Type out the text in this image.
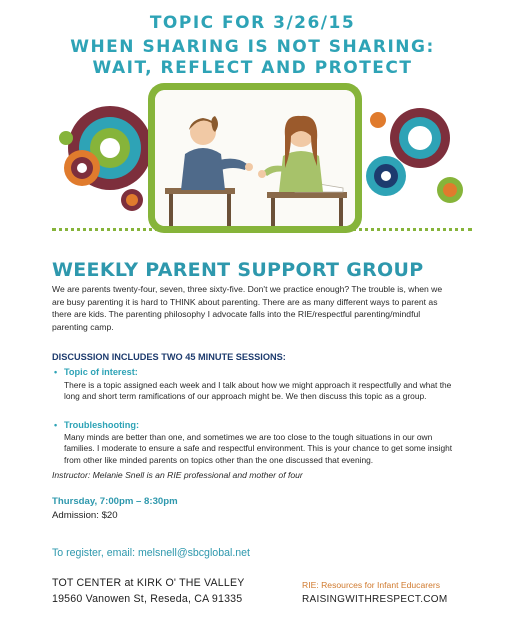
TOPIC FOR 3/26/15
WHEN SHARING IS NOT SHARING:
WAIT, REFLECT AND PROTECT
WEEKLY PARENT SUPPORT GROUP
We are parents twenty-four, seven, three sixty-five. Don't we practice enough? The trouble is, when we are busy parenting it is hard to THINK about parenting. There are as many different ways to parent as there are kids. The parenting philosophy I advocate falls into the RIE/respectful parenting/mindful parenting camp.
DISCUSSION INCLUDES TWO 45 MINUTE SESSIONS:
• Topic of interest:
There is a topic assigned each week and I talk about how we might approach it respectfully and what the long and short term ramifications of our approach might be. We then discuss this topic as a group.
• Troubleshooting:
Many minds are better than one, and sometimes we are too close to the tough situations in our own families. I moderate to ensure a safe and respectful environment. This is your chance to get some insight from other like minded parents on topics other than the one discussed that evening.
Instructor: Melanie Snell is an RIE professional and mother of four
Thursday, 7:00pm – 8:30pm
Admission: $20
To register, email: melsnell@sbcglobal.net
TOT CENTER at KIRK O' THE VALLEY
19560 Vanowen St, Reseda, CA 91335
RIE: Resources for Infant Educarers
RAISINGWITHRESPECT.COM
